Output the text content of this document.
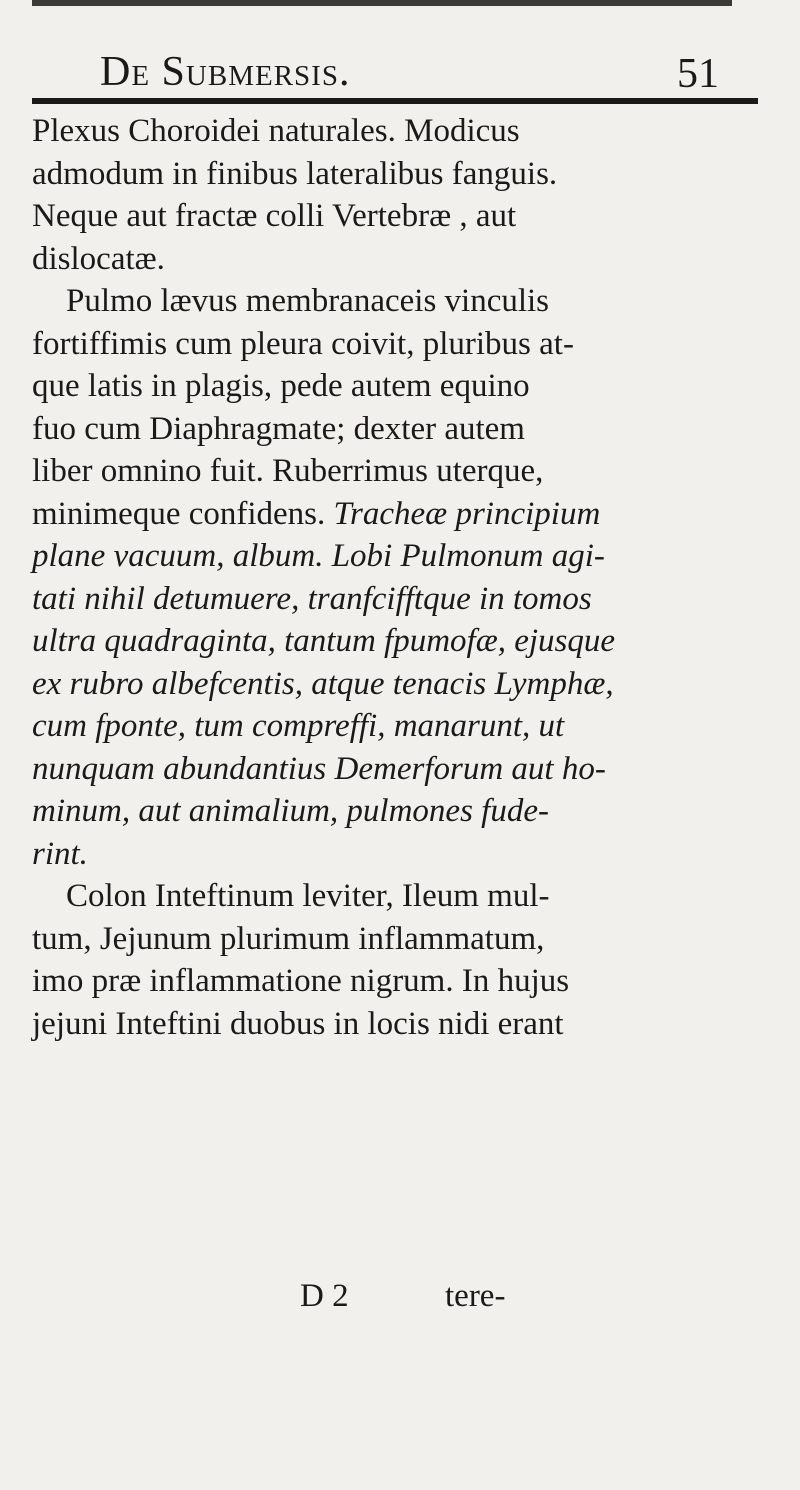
De Submersis.	51
Plexus Choroidei naturales. Modicus
admodum in finibus lateralibus fanguis.
Neque aut fractæ colli Vertebræ , aut
dislocatæ.
Pulmo lævus membranaceis vinculis
fortiffimis cum pleura coivit, pluribus at-
que latis in plagis, pede autem equino
fuo cum Diaphragmate; dexter autem
liber omnino fuit. Ruberrimus uterque,
minimeque confidens. Tracheæ principium
plane vacuum, album. Lobi Pulmonum agi-
tati nihil detumuere, tranfcifftque in tomos
ultra quadraginta, tantum fpumofæ, ejusque
ex rubro albefcentis, atque tenacis Lymphæ,
cum fponte, tum compreffi, manarunt, ut
nunquam abundantius Demerforum aut ho-
minum, aut animalium, pulmones fude-
rint.
Colon Inteftinum leviter, Ileum mul-
tum, Jejunum plurimum inflammatum,
imo præ inflammatione nigrum. In hujus
jejuni Inteftini duobus in locis nidi erant
D 2	tere-
